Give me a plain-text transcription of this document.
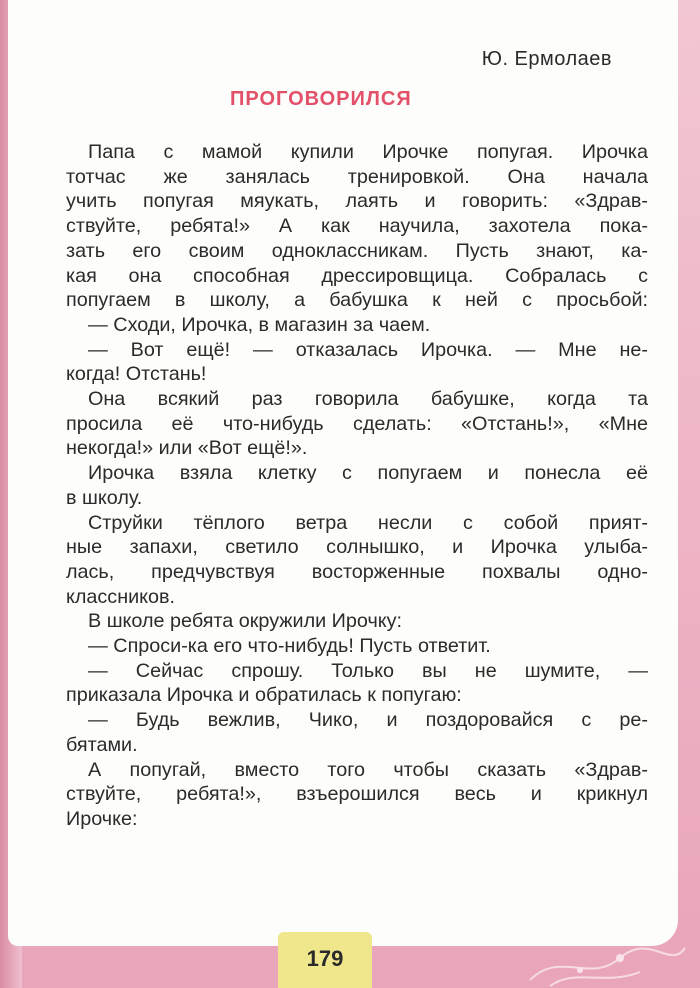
Ю. Ермолаев

ПРОГОВОРИЛСЯ
Папа с мамой купили Ирочке попугая. Ирочка
тотчас же занялась тренировкой. Она начала
учить попугая мяукать, лаять и говорить: «Здрав-
ствуйте, ребята!» А как научила, захотела пока-
зать его своим одноклассникам. Пусть знают, ка-
кая она способная дрессировщица. Собралась с
попугаем в школу, а бабушка к ней с просьбой:
— Сходи, Ирочка, в магазин за чаем.
— Вот ещё! — отказалась Ирочка. — Мне не-
когда! Отстань!
Она всякий раз говорила бабушке, когда та
просила её что-нибудь сделать: «Отстань!», «Мне
некогда!» или «Вот ещё!».
Ирочка взяла клетку с попугаем и понесла её
в школу.
Струйки тёплого ветра несли с собой прият-
ные запахи, светило солнышко, и Ирочка улыба-
лась, предчувствуя восторженные похвалы одно-
классников.
В школе ребята окружили Ирочку:
— Спроси-ка его что-нибудь! Пусть ответит.
— Сейчас спрошу. Только вы не шумите, —
приказала Ирочка и обратилась к попугаю:
— Будь вежлив, Чико, и поздоровайся с ре-
бятами.
А попугай, вместо того чтобы сказать «Здрав-
ствуйте, ребята!», взъерошился весь и крикнул
Ирочке:
179
